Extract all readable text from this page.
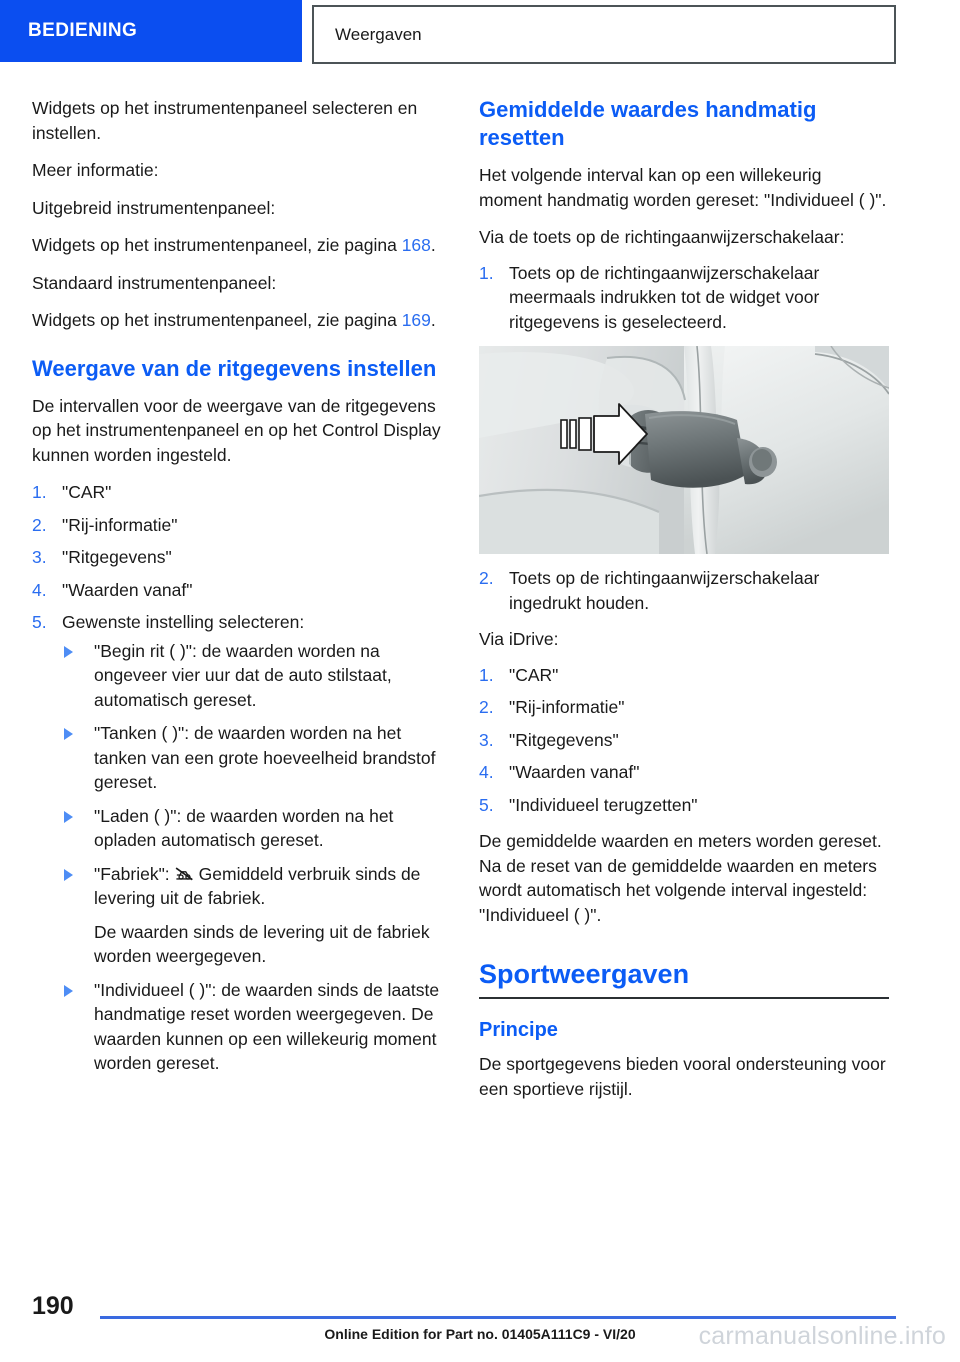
BEDIENING	Weergaven

Widgets op het instrumentenpaneel selecteren en instellen.

Meer informatie:

Uitgebreid instrumentenpaneel:

Widgets op het instrumentenpaneel, zie pagina 168.

Standaard instrumentenpaneel:

Widgets op het instrumentenpaneel, zie pagina 169.

Weergave van de ritgegevens instellen

De intervallen voor de weergave van de ritgegevens op het instrumentenpaneel en op het Control Display kunnen worden ingesteld.

1. "CAR"
2. "Rij-informatie"
3. "Ritgegevens"
4. "Waarden vanaf"
5. Gewenste instelling selecteren:
"Begin rit ( )": de waarden worden na ongeveer vier uur dat de auto stilstaat, automatisch gereset.
"Tanken ( )": de waarden worden na het tanken van een grote hoeveelheid brandstof gereset.
"Laden ( )": de waarden worden na het opladen automatisch gereset.
"Fabriek": Gemiddeld verbruik sinds de levering uit de fabriek.
De waarden sinds de levering uit de fabriek worden weergegeven.
"Individueel ( )": de waarden sinds de laatste handmatige reset worden weergegeven. De waarden kunnen op een willekeurig moment worden gereset.
Gemiddelde waardes handmatig resetten

Het volgende interval kan op een willekeurig moment handmatig worden gereset: "Individueel ( )".

Via de toets op de richtingaanwijzerschakelaar:

1. Toets op de richtingaanwijzerschakelaar meermaals indrukken tot de widget voor ritgegevens is geselecteerd.
2. Toets op de richtingaanwijzerschakelaar ingedrukt houden.

Via iDrive:

1. "CAR"
2. "Rij-informatie"
3. "Ritgegevens"
4. "Waarden vanaf"
5. "Individueel terugzetten"

De gemiddelde waarden en meters worden gereset. Na de reset van de gemiddelde waarden en meters wordt automatisch het volgende interval ingesteld: "Individueel ( )".

Sportweergaven
Principe

De sportgegevens bieden vooral ondersteuning voor een sportieve rijstijl.

190
Online Edition for Part no. 01405A111C9 - VI/20	carmanualsonline.info
